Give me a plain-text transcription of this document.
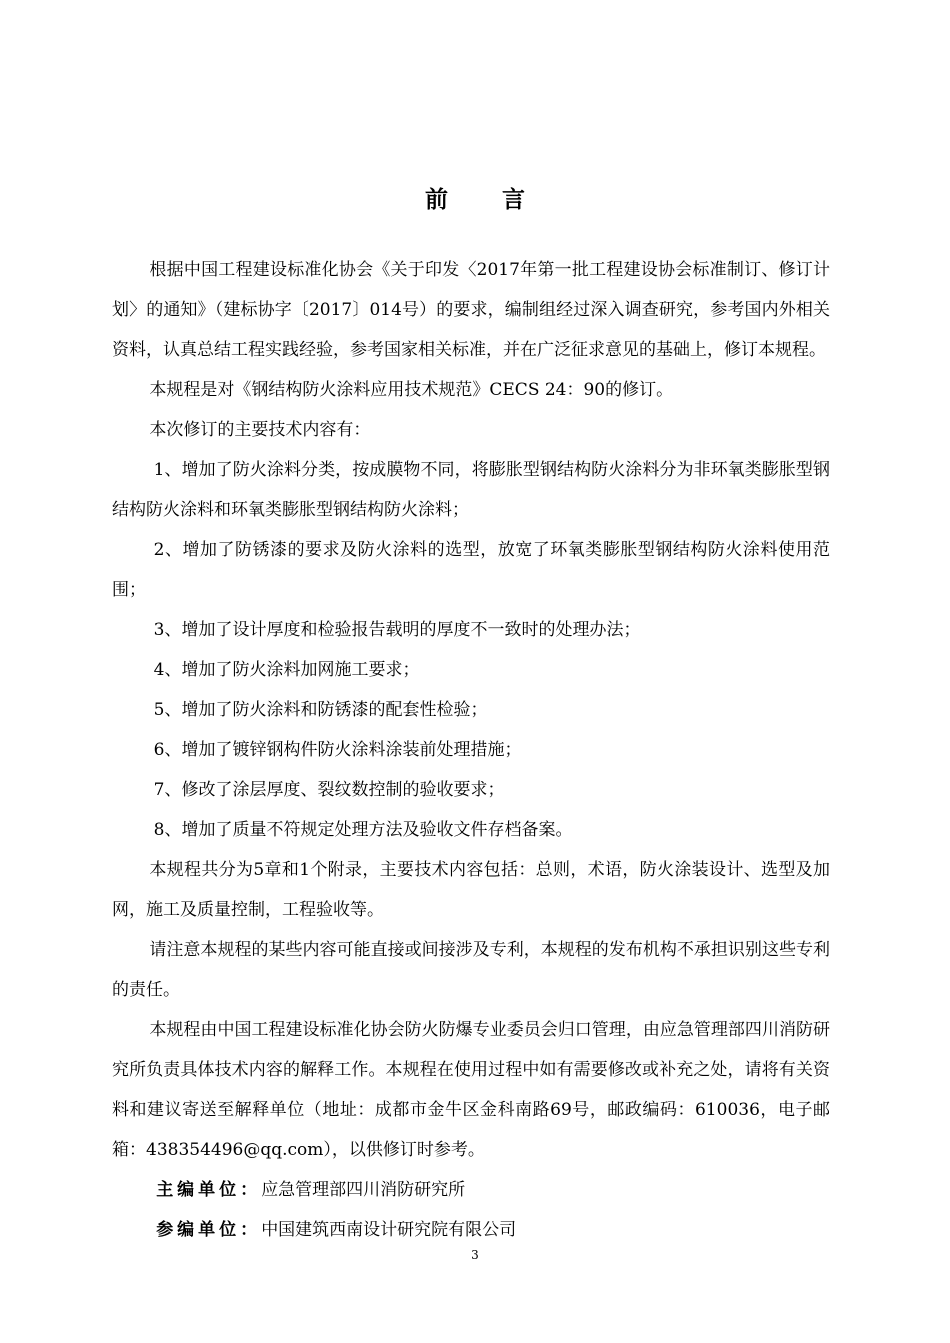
前言

根据中国工程建设标准化协会《关于印发〈2017年第一批工程建设协会标准制订、修订计划〉的通知》（建标协字〔2017〕014号）的要求，编制组经过深入调查研究，参考国内外相关资料，认真总结工程实践经验，参考国家相关标准，并在广泛征求意见的基础上，修订本规程。

本规程是对《钢结构防火涂料应用技术规范》CECS 24：90的修订。

本次修订的主要技术内容有：

1、增加了防火涂料分类，按成膜物不同，将膨胀型钢结构防火涂料分为非环氧类膨胀型钢结构防火涂料和环氧类膨胀型钢结构防火涂料；

2、增加了防锈漆的要求及防火涂料的选型，放宽了环氧类膨胀型钢结构防火涂料使用范围；

3、增加了设计厚度和检验报告载明的厚度不一致时的处理办法；

4、增加了防火涂料加网施工要求；

5、增加了防火涂料和防锈漆的配套性检验；

6、增加了镀锌钢构件防火涂料涂装前处理措施；

7、修改了涂层厚度、裂纹数控制的验收要求；

8、增加了质量不符规定处理方法及验收文件存档备案。

本规程共分为5章和1个附录，主要技术内容包括：总则，术语，防火涂装设计、选型及加网，施工及质量控制，工程验收等。

请注意本规程的某些内容可能直接或间接涉及专利，本规程的发布机构不承担识别这些专利的责任。

本规程由中国工程建设标准化协会防火防爆专业委员会归口管理，由应急管理部四川消防研究所负责具体技术内容的解释工作。本规程在使用过程中如有需要修改或补充之处，请将有关资料和建议寄送至解释单位（地址：成都市金牛区金科南路69号，邮政编码：610036，电子邮箱：438354496@qq.com），以供修订时参考。

主编单位：应急管理部四川消防研究所

参编单位：中国建筑西南设计研究院有限公司

3
